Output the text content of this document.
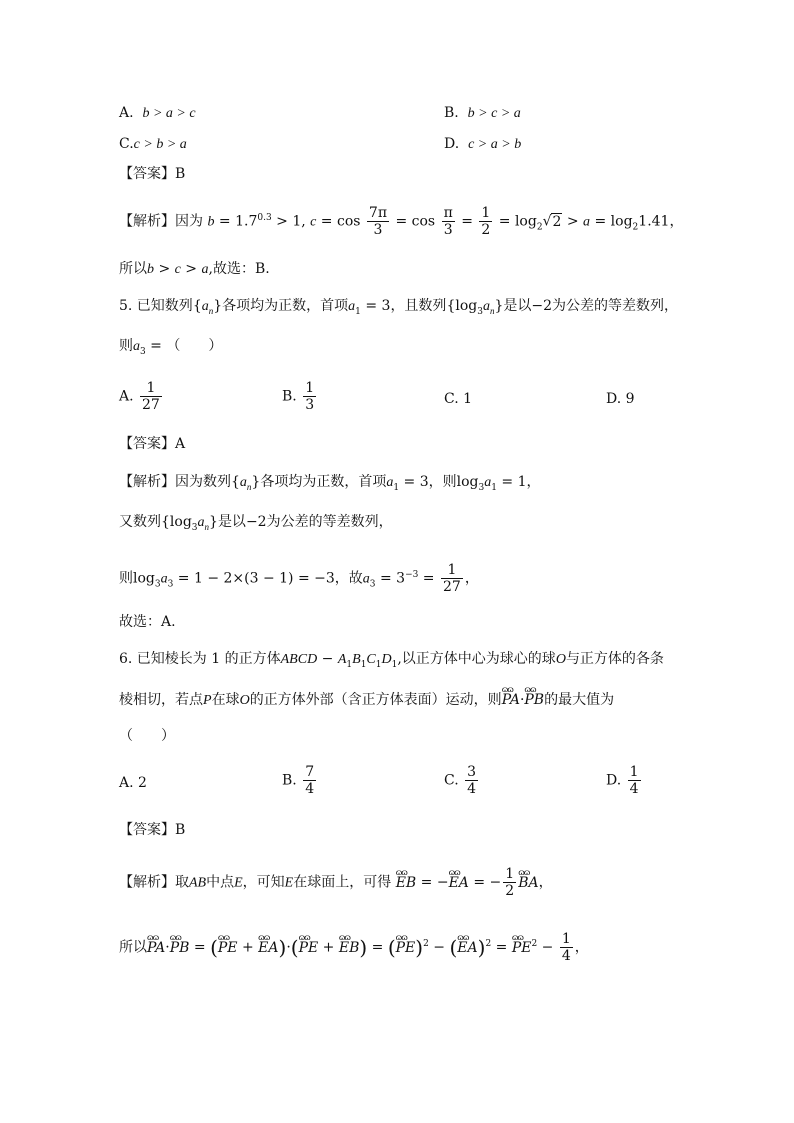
A. b > a > c	B. b > c > a
C.c > b > a	D. c > a > b
【答案】B
【解析】因为 $b = 1.7^{0.3} > 1$, $c = \cos \frac{7\pi}{3} = \cos \frac{\pi}{3} = \frac{1}{2} = \log_2√2 > a = \log_21.41$，
所以b > c > a,故选：B.
5. 已知数列$\{a_n\}$各项均为正数，首项$a_1 = 3$，且数列$\{\log_3a_n\}$是以−2为公差的等差数列，
则$a_3$ = （　　）
A. $\frac{1}{27}$	B. $\frac{1}{3}$	C. 1	D. 9
【答案】A
【解析】因为数列$\{a_n\}$各项均为正数，首项$a_1 = 3$，则$\log_3a_1 = 1$，
又数列$\{\log_3a_n\}$是以−2为公差的等差数列，
则$\log_3a_3 = 1 - 2\times(3 - 1) = -3$，故$a_3 = 3^{-3} = \frac{1}{27}$ ，
故选：A.
6. 已知棱长为 1 的正方体ABCD − $A_1B_1C_1D_1$,以正方体中心为球心的球O与正方体的各条
棱相切，若点P在球O的正方体外部（含正方体表面）运动，则ɷɷ PA·ɷɷ PB的最大值为
（　　）
A. 2	B. $\frac{7}{4}$	C. $\frac{3}{4}$	D. $\frac{1}{4}$
【答案】B
【解析】取AB中点E，可知E在球面上，可得 ɷɷ EB = −ɷɷ EA = − $\frac{1}{2}$ ɷɷ BA，
所以ɷɷ PA·ɷɷ PB = (ɷɷ PE + ɷɷ EA)·(ɷɷ PE + ɷɷ EB) = (ɷɷ PE)$^2$ − (ɷɷ EA)$^2$ = ɷɷ $PE^2 - \frac{1}{4}$ ，
